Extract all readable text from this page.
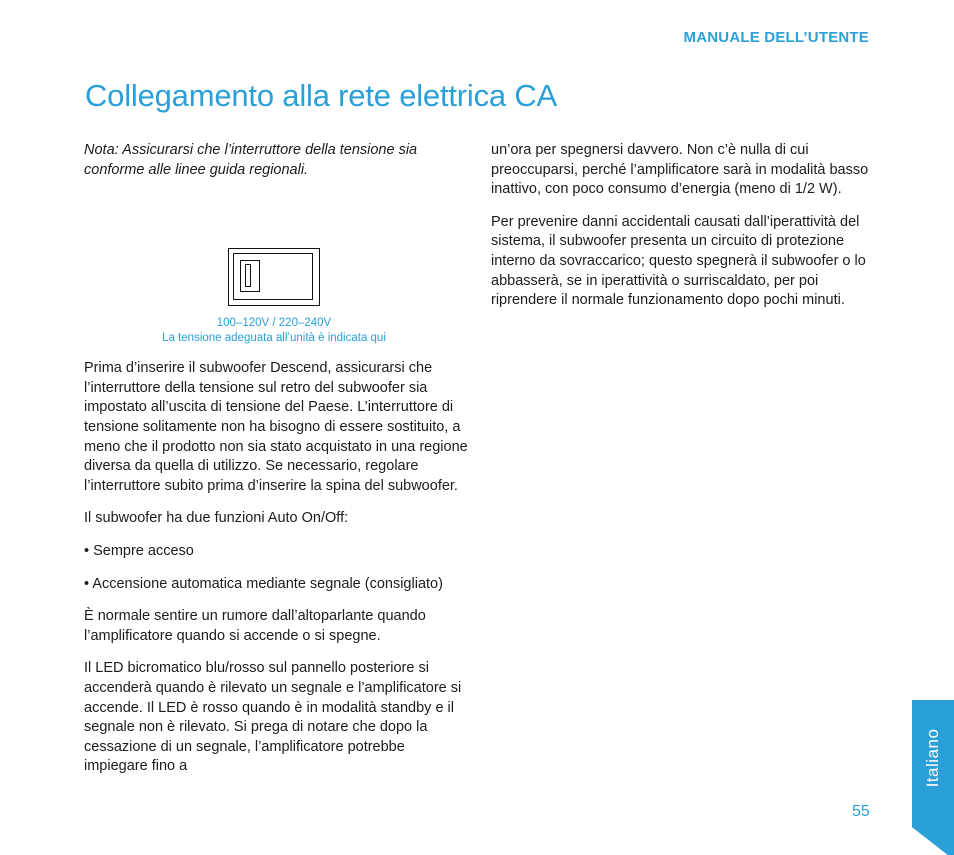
MANUALE DELL’UTENTE
Collegamento alla rete elettrica CA

Nota: Assicurarsi che l’interruttore della tensione sia conforme alle linee guida regionali.

100–120V / 220–240V
La tensione adeguata all’unità è indicata qui

Prima d’inserire il subwoofer Descend, assicurarsi che l’interruttore della tensione sul retro del subwoofer sia impostato all’uscita di tensione del Paese. L’interruttore di tensione solitamente non ha bisogno di essere sostituito, a meno che il prodotto non sia stato acquistato in una regione diversa da quella di utilizzo. Se necessario, regolare l’interruttore subito prima d’inserire la spina del subwoofer.

Il subwoofer ha due funzioni Auto On/Off:

• Sempre acceso

• Accensione automatica mediante segnale (consigliato)

È normale sentire un rumore dall’altoparlante quando l’amplificatore quando si accende o si spegne.

Il LED bicromatico blu/rosso sul pannello posteriore si accenderà quando è rilevato un segnale e l’amplificatore si accende. Il LED è rosso quando è in modalità standby e il segnale non è rilevato. Si prega di notare che dopo la cessazione di un segnale, l’amplificatore potrebbe impiegare fino a

un’ora per spegnersi davvero. Non c’è nulla di cui preoccuparsi, perché l’amplificatore sarà in modalità basso inattivo, con poco consumo d’energia (meno di 1/2 W).

Per prevenire danni accidentali causati dall’iperattività del sistema, il subwoofer presenta un circuito di protezione interno da sovraccarico; questo spegnerà il subwoofer o lo abbasserà, se in iperattività o surriscaldato, per poi riprendere il normale funzionamento dopo pochi minuti.

Italiano
55
